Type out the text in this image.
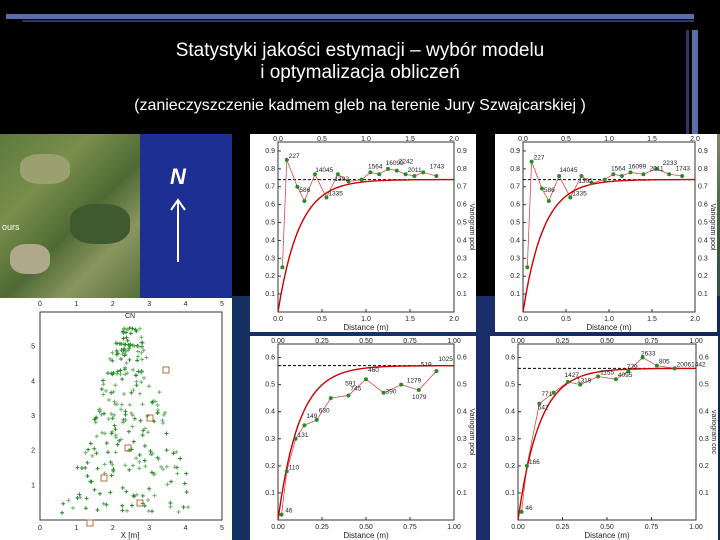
Statystyki jakości estymacji – wybór modelu
i optymalizacja obliczeń
(zanieczyszczenie kadmem gleb na terenie Jury Szwajcarskiej )
ours
N
0
0
1
1
2
2
3
3
4
4
5
5
1
2
3
4
5
CN
X [m]
0.0
0.0
0.5
0.5
1.0
1.0
1.5
1.5
2.0
2.0
0.1	0.1
0.2	0.2
0.3	0.3
0.4	0.4
0.5	0.5
0.6	0.6
0.7	0.7
0.8	0.8
0.9	0.9
Distance (m)
Variogram pool
227
14045
1302
1335
586
1564
16099
2242
2011
1743
0.0
0.0
0.5
0.5
1.0
1.0
1.5
1.5
2.0
2.0
0.1	0.1
0.2	0.2
0.3	0.3
0.4	0.4
0.5	0.5
0.6	0.6
0.7	0.7
0.8	0.8
0.9	0.9
Distance (m)
Variogram pool
227
14045
1302
1335
586
1564 16099 2011
2233
1743
0.00
0.00
0.25
0.25
0.50
0.50
0.75
0.75
1.00
1.00
0.1	0.1
0.2	0.2
0.3	0.3
0.4	0.4
0.5	0.5
0.6	0.6
Distance (m)
Variogram pool
46
110
131
149
630
745
591
460
390
1279
1079
519
1025
0.00
0.00
0.25
0.25
0.50
0.50
0.75
0.75
1.00
1.00
0.1	0.1
0.2	0.2
0.3	0.3
0.4	0.4
0.5	0.5
0.6	0.6
Distance (m)
variogram coc
46
166
542
771
1427
1319
1155 4095
779
2633
805 20061442
